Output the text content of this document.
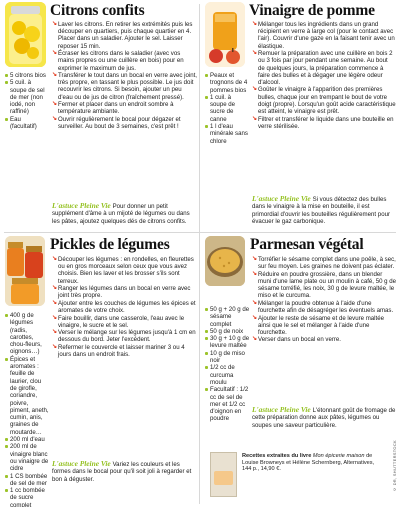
Citrons confits
5 citrons bios
5 cuil. à soupe de sel de mer (non iodé, non raffiné)
Eau (facultatif)
↘ Laver les citrons. En retirer les extrémités puis les découper en quartiers, puis chaque quartier en 4. Placer dans un saladier. Ajouter le sel. Laisser reposer 15 min.
↘ Écraser les citrons dans le saladier (avec vos mains propres ou une cuillère en bois) pour en exprimer le maximum de jus.
↘ Transférer le tout dans un bocal en verre avec joint, très propre, en tassant le plus possible. Le jus doit recouvrir les citrons. Si besoin, ajouter un peu d'eau ou de jus de citron (fraîchement pressé).
↘ Fermer et placer dans un endroit sombre à température ambiante.
↘ Ouvrir régulièrement le bocal pour dégazer et surveiller. Au bout de 3 semaines, c'est prêt !
L'astuce Pleine Vie Pour donner un petit supplément d'âme à un mijoté de légumes ou dans les pâtes, ajoutez quelques dés de citrons confits.
Vinaigre de pomme
Peaux et trognons de 4 pommes bios
1 cuil. à soupe de sucre de canne
1 l d'eau minérale sans chlore
↘ Mélanger tous les ingrédients dans un grand récipient en verre à large col (pour le contact avec l'air). Couvrir d'une gaze en la faisant tenir avec un élastique.
↘ Remuer la préparation avec une cuillère en bois 2 ou 3 fois par jour pendant une semaine. Au bout de quelques jours, la préparation commence à faire des bulles et à dégager une légère odeur d'alcool.
↘ Goûter le vinaigre à l'apparition des premières bulles, chaque jour en trempant le bout de votre doigt (propre). Lorsqu'un goût acide caractéristique est atteint, le vinaigre est prêt.
↘ Filtrer et transférer le liquide dans une bouteille en verre stérilisée.
L'astuce Pleine Vie Si vous détectez des bulles dans le vinaigre à la mise en bouteille, il est primordial d'ouvrir les bouteilles régulièrement pour évacuer le gaz carbonique.
Pickles de légumes
400 g de légumes (radis, carottes, chou-fleurs, oignons…)
Épices et aromates : feuille de laurier, clou de girofle, coriandre, poivre, piment, aneth, cumin, anis, graines de moutarde…
200 ml d'eau
200 ml de vinaigre blanc ou vinaigre de cidre
1 CS bombée de sel de mer
1 cc bombée de sucre complet
↘ Découper les légumes : en rondelles, en fleurettes ou en gros morceaux selon ceux que vous avez choisis. Bien les laver et les brosser s'ils sont terreux.
↘ Ranger les légumes dans un bocal en verre avec joint très propre.
↘ Ajouter entre les couches de légumes les épices et aromates de votre choix.
↘ Faire bouillir, dans une casserole, l'eau avec le vinaigre, le sucre et le sel.
↘ Verser le mélange sur les légumes jusqu'à 1 cm en dessous du bord. Jeter l'excédent.
↘ Refermer le couvercle et laisser mariner 3 ou 4 jours dans un endroit frais.
L'astuce Pleine Vie Variez les couleurs et les formes dans le bocal pour qu'il soit joli à regarder et bon à déguster.
Parmesan végétal
50 g + 20 g de sésame complet
50 g de noix
30 g + 10 g de levure maltée
10 g de miso noir
1/2 cc de curcuma moulu
Facultatif : 1/2 cc de sel de mer et 1/2 cc d'oignon en poudre
↘ Torréfier le sésame complet dans une poêle, à sec, sur feu moyen. Les graines ne doivent pas éclater.
↘ Réduire en poudre grossière, dans un blender muni d'une lame plate ou un moulin à café, 50 g de sésame torréfié, les noix, 30 g de levure maltée, le miso et le curcuma.
↘ Mélanger la poudre obtenue à l'aide d'une fourchette afin de désagréger les éventuels amas.
↘ Ajouter le reste de sésame et de levure maltée ainsi que le sel et mélanger à l'aide d'une fourchette.
↘ Verser dans un bocal en verre.
L'astuce Pleine Vie L'étonnant goût de fromage de cette préparation donne aux pâtes, légumes ou soupes une saveur particulière.
Recettes extraites du livre Mon épicerie maison de Louise Browneys et Hélène Schernberg, Alternatives, 144 p., 14,90 €.	© DR, SHUTTERSTOCK
